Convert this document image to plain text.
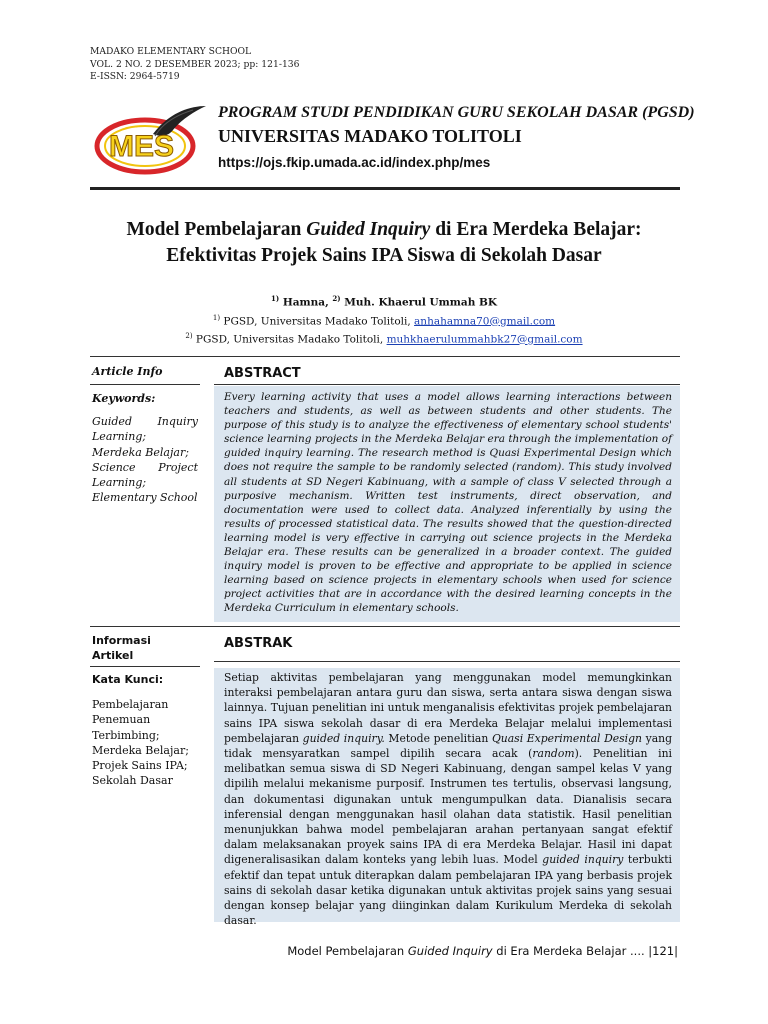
MADAKO ELEMENTARY SCHOOL
VOL. 2 NO. 2 DESEMBER 2023; pp: 121-136
E-ISSN: 2964-5719
MES
PROGRAM STUDI PENDIDIKAN GURU SEKOLAH DASAR (PGSD)
UNIVERSITAS MADAKO TOLITOLI
https://ojs.fkip.umada.ac.id/index.php/mes
Model Pembelajaran Guided Inquiry di Era Merdeka Belajar:
Efektivitas Projek Sains IPA Siswa di Sekolah Dasar
$^{1)}$ Hamna, $^{2)}$ Muh. Khaerul Ummah BK
$^{1)}$ PGSD, Universitas Madako Tolitoli, anhahamna70@gmail.com
$^{2)}$ PGSD, Universitas Madako Tolitoli, muhkhaerulummahbk27@gmail.com
Article Info	ABSTRACT
Keywords:
Guided Inquiry Learning;
Merdeka Belajar;
Science Project Learning;
Elementary School
Every learning activity that uses a model allows learning interactions between teachers and students, as well as between students and other students. The purpose of this study is to analyze the effectiveness of elementary school students' science learning projects in the Merdeka Belajar era through the implementation of guided inquiry learning. The research method is Quasi Experimental Design which does not require the sample to be randomly selected (random). This study involved all students at SD Negeri Kabinuang, with a sample of class V selected through a purposive mechanism. Written test instruments, direct observation, and documentation were used to collect data. Analyzed inferentially by using the results of processed statistical data. The results showed that the question-directed learning model is very effective in carrying out science projects in the Merdeka Belajar era. These results can be generalized in a broader context. The guided inquiry model is proven to be effective and appropriate to be applied in science learning based on science projects in elementary schools when used for science project activities that are in accordance with the desired learning concepts in the Merdeka Curriculum in elementary schools.
Informasi
Artikel
ABSTRAK
Kata Kunci:
Pembelajaran Penemuan Terbimbing;
Merdeka Belajar;
Projek Sains IPA;
Sekolah Dasar
Setiap aktivitas pembelajaran yang menggunakan model memungkinkan interaksi pembelajaran antara guru dan siswa, serta antara siswa dengan siswa lainnya. Tujuan penelitian ini untuk menganalisis efektivitas projek pembelajaran sains IPA siswa sekolah dasar di era Merdeka Belajar melalui implementasi pembelajaran guided inquiry. Metode penelitian Quasi Experimental Design yang tidak mensyaratkan sampel dipilih secara acak (random). Penelitian ini melibatkan semua siswa di SD Negeri Kabinuang, dengan sampel kelas V yang dipilih melalui mekanisme purposif. Instrumen tes tertulis, observasi langsung, dan dokumentasi digunakan untuk mengumpulkan data. Dianalisis secara inferensial dengan menggunakan hasil olahan data statistik. Hasil penelitian menunjukkan bahwa model pembelajaran arahan pertanyaan sangat efektif dalam melaksanakan proyek sains IPA di era Merdeka Belajar. Hasil ini dapat digeneralisasikan dalam konteks yang lebih luas. Model guided inquiry terbukti efektif dan tepat untuk diterapkan dalam pembelajaran IPA yang berbasis projek sains di sekolah dasar ketika digunakan untuk aktivitas projek sains yang sesuai dengan konsep belajar yang diinginkan dalam Kurikulum Merdeka di sekolah dasar.
Model Pembelajaran Guided Inquiry di Era Merdeka Belajar .... |121|
